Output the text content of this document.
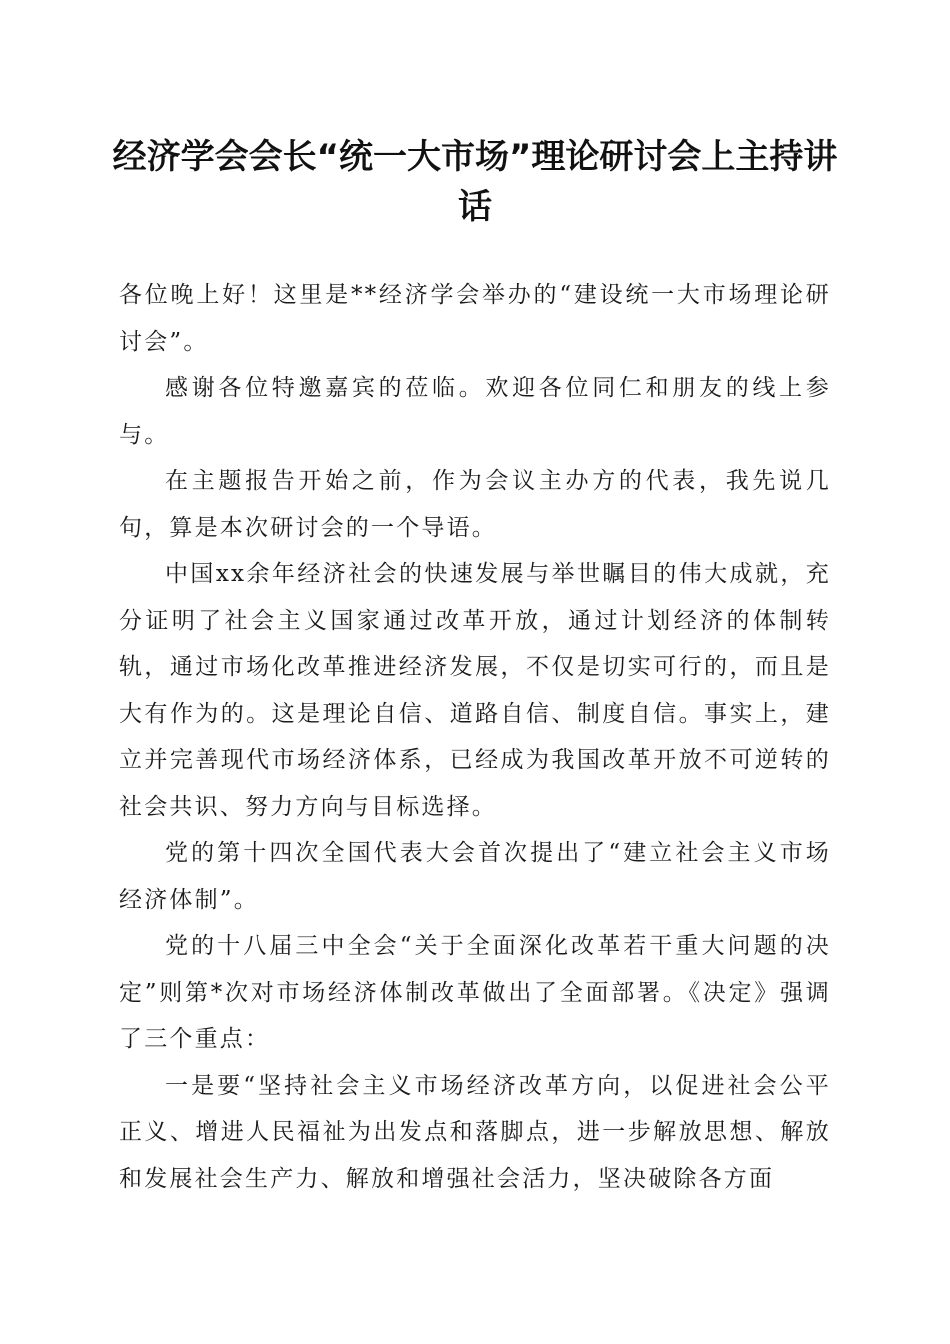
经济学会会长“统一大市场”理论研讨会上主持讲话

各位晚上好！这里是**经济学会举办的“建设统一大市场理论研讨会”。

感谢各位特邀嘉宾的莅临。欢迎各位同仁和朋友的线上参与。

在主题报告开始之前，作为会议主办方的代表，我先说几句，算是本次研讨会的一个导语。

中国xx余年经济社会的快速发展与举世瞩目的伟大成就，充分证明了社会主义国家通过改革开放，通过计划经济的体制转轨，通过市场化改革推进经济发展，不仅是切实可行的，而且是大有作为的。这是理论自信、道路自信、制度自信。事实上，建立并完善现代市场经济体系，已经成为我国改革开放不可逆转的社会共识、努力方向与目标选择。

党的第十四次全国代表大会首次提出了“建立社会主义市场经济体制”。

党的十八届三中全会“关于全面深化改革若干重大问题的决定”则第*次对市场经济体制改革做出了全面部署。《决定》强调了三个重点：

一是要“坚持社会主义市场经济改革方向，以促进社会公平正义、增进人民福祉为出发点和落脚点，进一步解放思想、解放和发展社会生产力、解放和增强社会活力，坚决破除各方面
